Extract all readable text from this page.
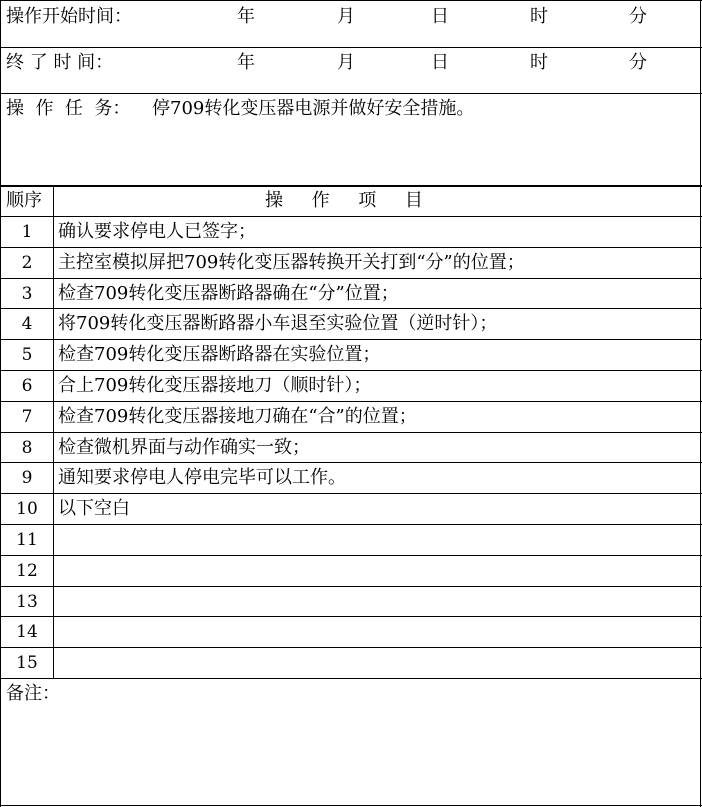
操作开始时间：	年	月	日	时	分
终 了 时 间：	年	月	日	时	分
操  作  任  务： 停709转化变压器电源并做好安全措施。
顺序	操     作     项     目
1	确认要求停电人已签字；
2	主控室模拟屏把709转化变压器转换开关打到“分”的位置；
3	检查709转化变压器断路器确在“分”位置；
4	将709转化变压器断路器小车退至实验位置（逆时针）；
5	检查709转化变压器断路器在实验位置；
6	合上709转化变压器接地刀（顺时针）；
7	检查709转化变压器接地刀确在“合”的位置；
8	检查微机界面与动作确实一致；
9	通知要求停电人停电完毕可以工作。
10	以下空白
11
12
13
14
15
备注：
